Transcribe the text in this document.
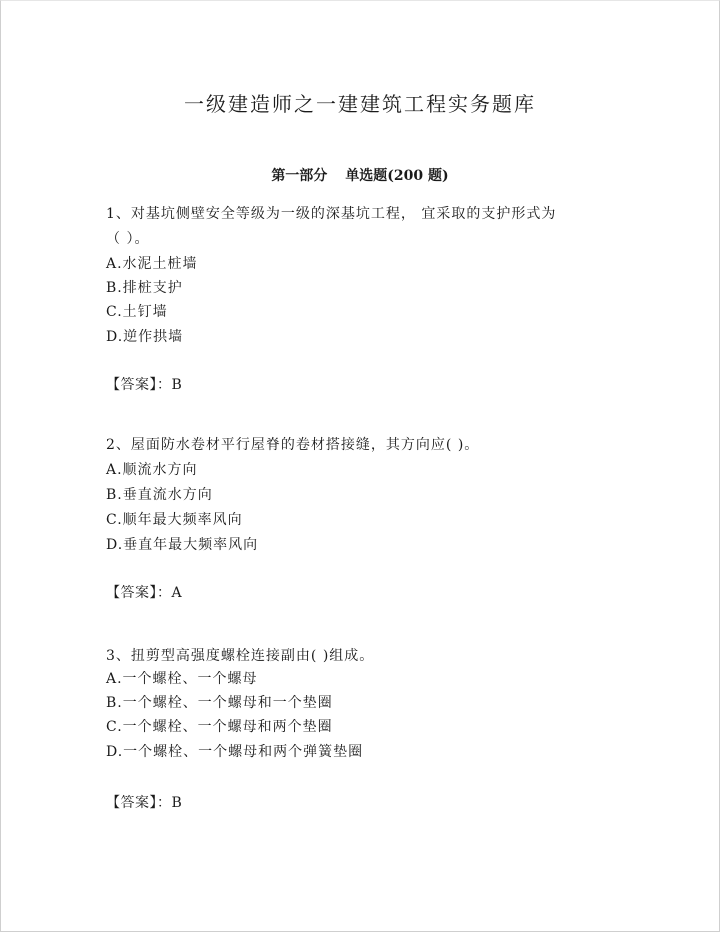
一级建造师之一建建筑工程实务题库
第一部分 单选题(200 题)
1、对基坑侧壁安全等级为一级的深基坑工程， 宜采取的支护形式为
（ ）。
A.水泥土桩墙
B.排桩支护
C.土钉墙
D.逆作拱墙
【答案】：B
2、屋面防水卷材平行屋脊的卷材搭接缝，其方向应( )。
A.顺流水方向
B.垂直流水方向
C.顺年最大频率风向
D.垂直年最大频率风向
【答案】：A
3、扭剪型高强度螺栓连接副由( )组成。
A.一个螺栓、一个螺母
B.一个螺栓、一个螺母和一个垫圈
C.一个螺栓、一个螺母和两个垫圈
D.一个螺栓、一个螺母和两个弹簧垫圈
【答案】：B
